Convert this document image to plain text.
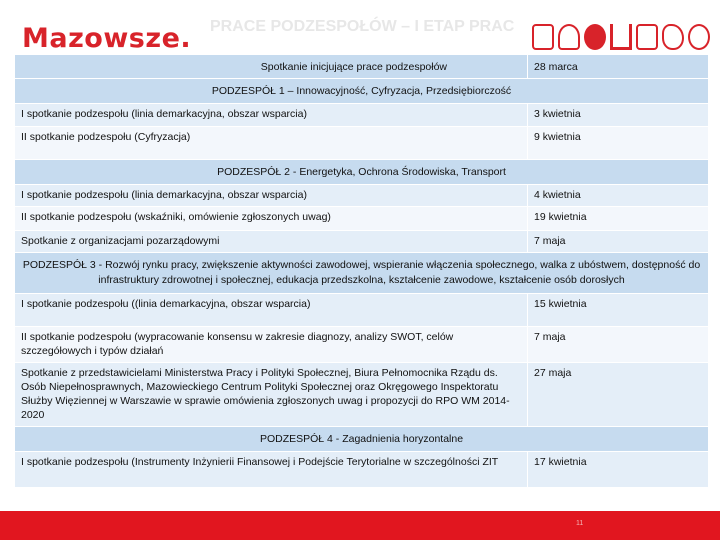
Mazowsze. PRACE PODZESPOŁÓW – I ETAP PRAC
Spotkanie inicjujące prace podzespołów	28 marca
PODZESPÓŁ 1 – Innowacyjność, Cyfryzacja, Przedsiębiorczość	
I spotkanie podzespołu (linia demarkacyjna, obszar wsparcia)	3 kwietnia
II spotkanie podzespołu (Cyfryzacja)	9 kwietnia
PODZESPÓŁ 2 - Energetyka, Ochrona Środowiska, Transport	
I spotkanie podzespołu (linia demarkacyjna, obszar wsparcia)	4 kwietnia
II spotkanie podzespołu (wskaźniki, omówienie zgłoszonych uwag)	19 kwietnia
Spotkanie z organizacjami pozarządowymi	7 maja
PODZESPÓŁ 3 - Rozwój rynku pracy, zwiększenie aktywności zawodowej, wspieranie włączenia społecznego, walka z ubóstwem, dostępność do infrastruktury zdrowotnej i społecznej, edukacja przedszkolna, kształcenie zawodowe, kształcenie osób dorosłych	
I spotkanie podzespołu ((linia demarkacyjna, obszar wsparcia)	15 kwietnia
II spotkanie podzespołu (wypracowanie konsensu w zakresie diagnozy, analizy SWOT, celów szczegółowych i typów działań	7 maja
Spotkanie z przedstawicielami Ministerstwa Pracy i Polityki Społecznej, Biura Pełnomocnika Rządu ds. Osób Niepełnosprawnych, Mazowieckiego Centrum Polityki Społecznej oraz Okręgowego Inspektoratu Służby Więziennej w Warszawie w sprawie omówienia zgłoszonych uwag i propozycji do RPO WM 2014-2020	27 maja
PODZESPÓŁ 4 - Zagadnienia horyzontalne	
I spotkanie podzespołu (Instrumenty Inżynierii Finansowej i Podejście Terytorialne w szczególności ZIT	17 kwietnia
11
